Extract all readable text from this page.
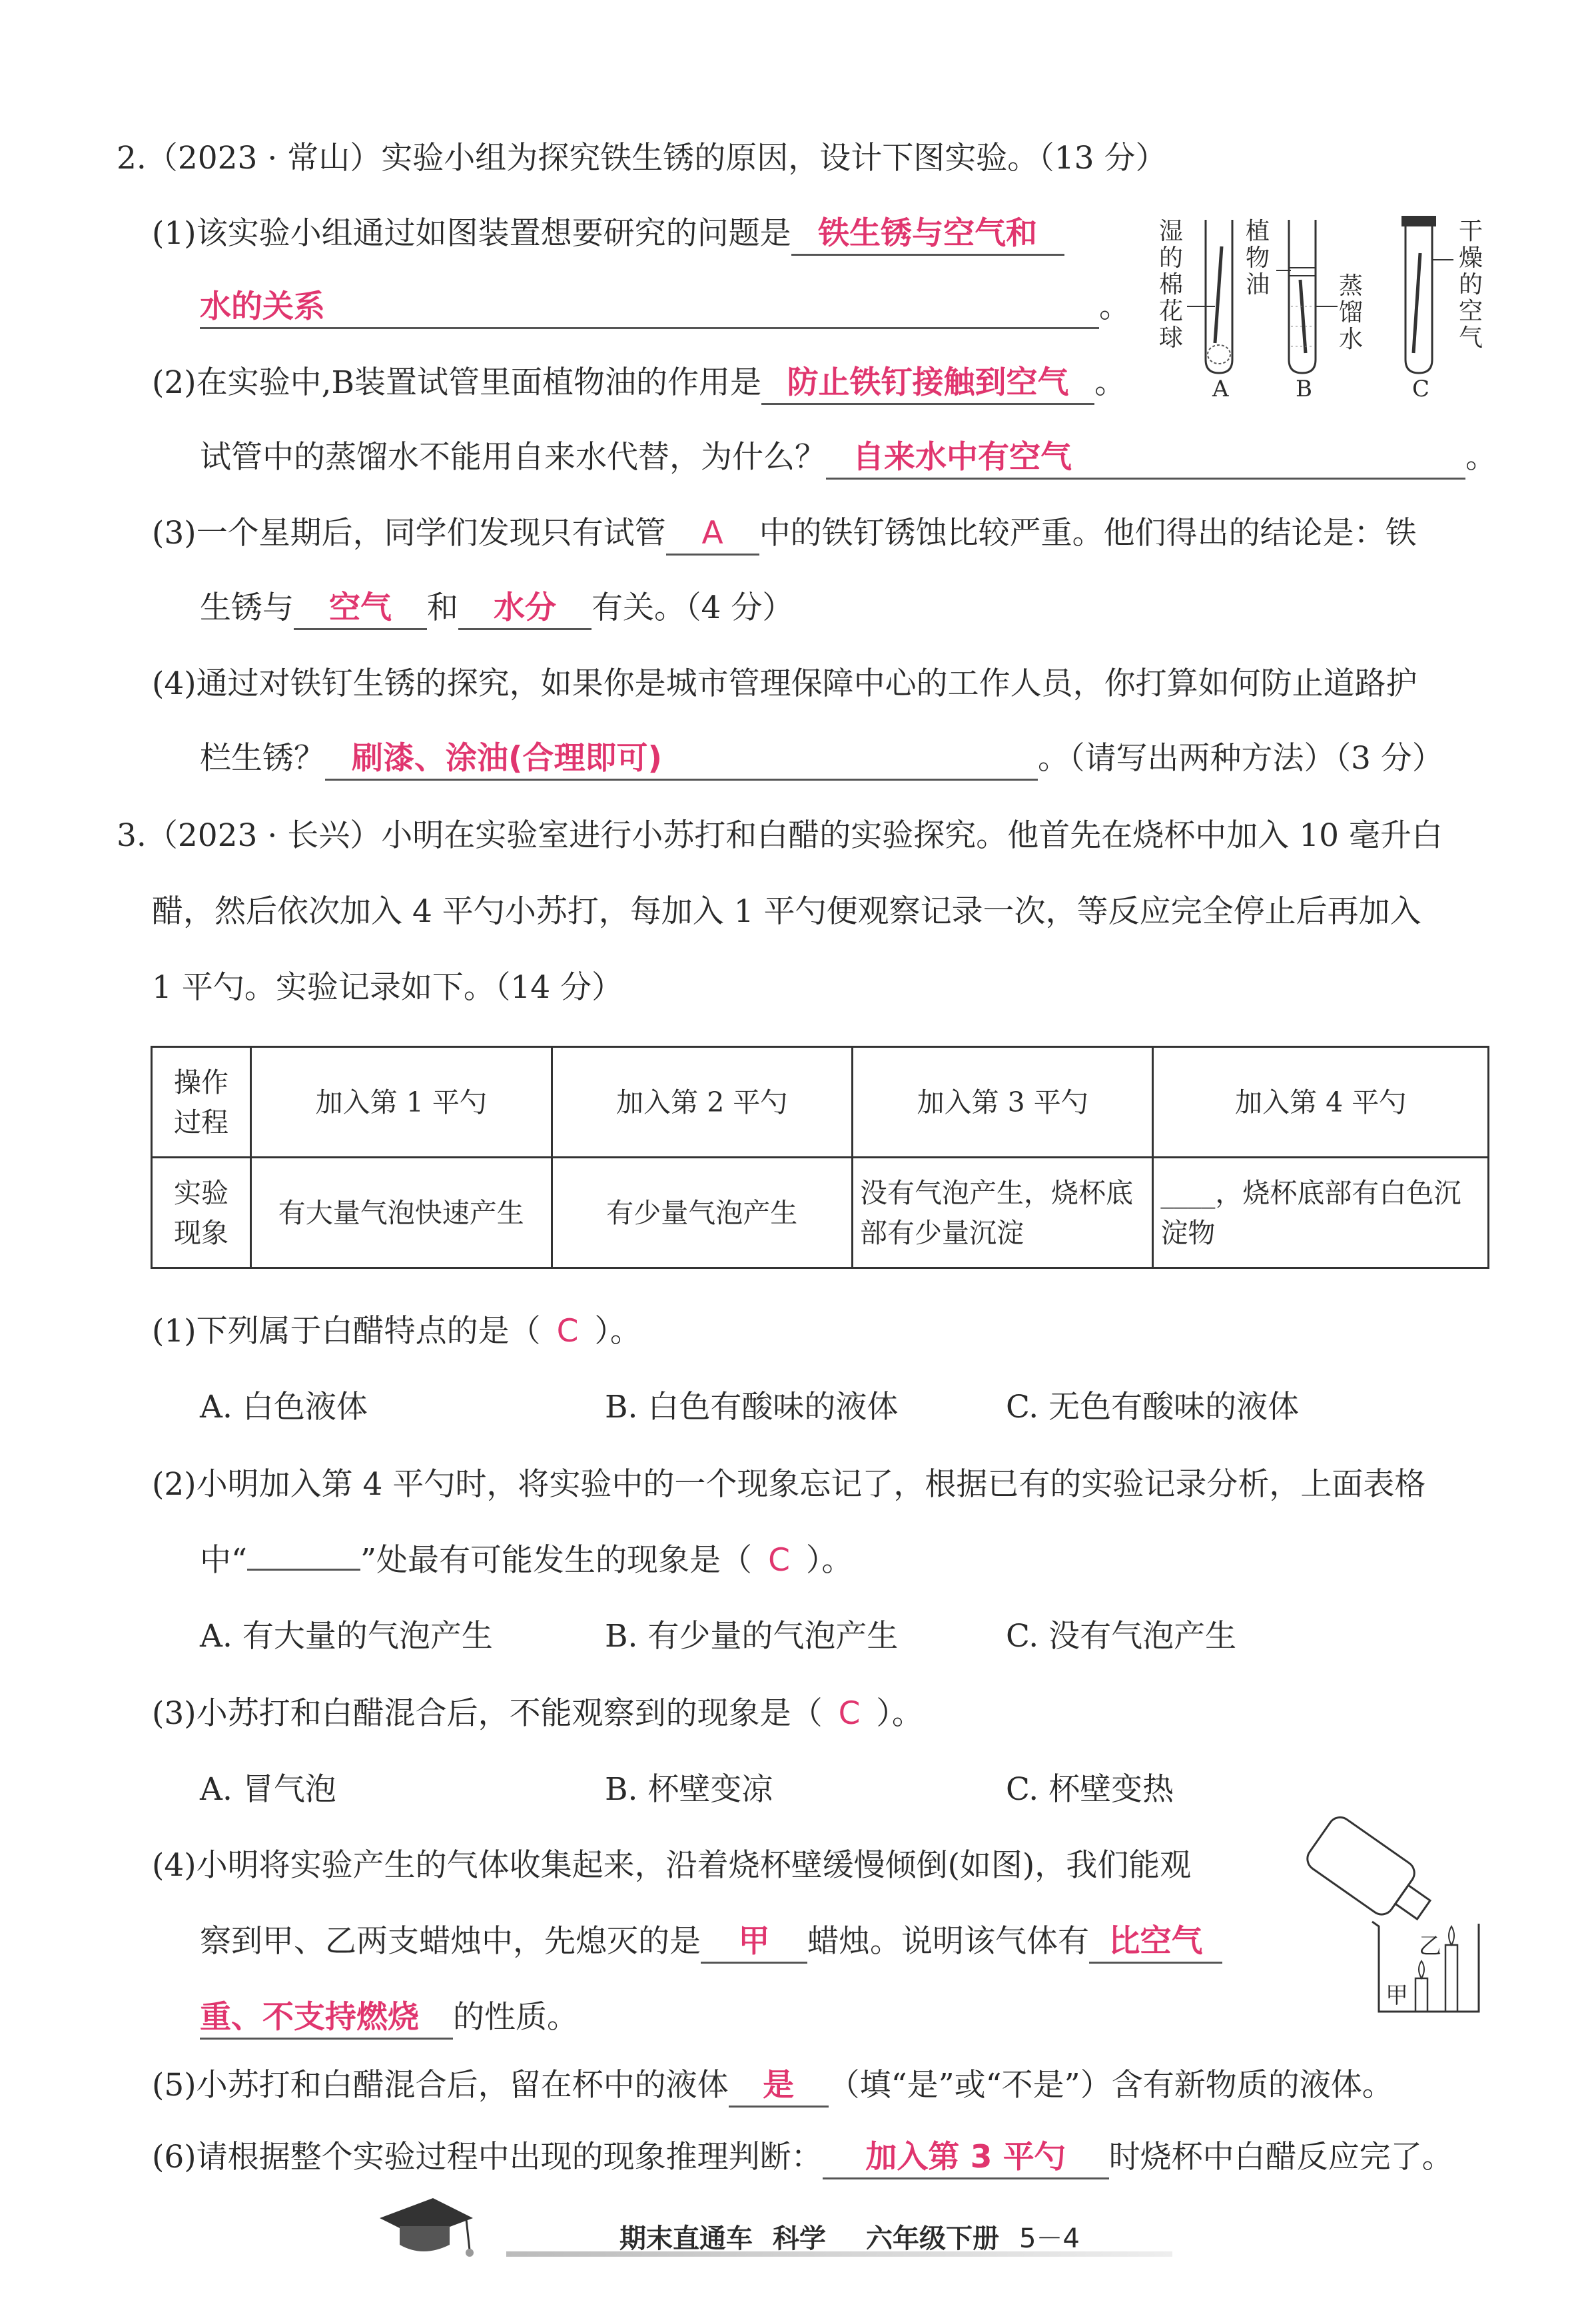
2.（2023 · 常山）实验小组为探究铁生锈的原因，设计下图实验。（13 分）
(1)该实验小组通过如图装置想要研究的问题是 铁生锈与空气和
水的关系	。
(2)在实验中,B装置试管里面植物油的作用是 防止铁钉接触到空气 。
试管中的蒸馏水不能用自来水代替，为什么？ 自来水中有空气	。
(3)一个星期后，同学们发现只有试管 A 中的铁钉锈蚀比较严重。他们得出的结论是：铁
生锈与 空气 和 水分 有关。（4 分）
(4)通过对铁钉生锈的探究，如果你是城市管理保障中心的工作人员，你打算如何防止道路护
栏生锈？ 刷漆、涂油(合理即可)	。（请写出两种方法）（3 分）
湿的棉花球
植物油	蒸馏水
干燥的空气
A	B	C
3.（2023 · 长兴）小明在实验室进行小苏打和白醋的实验探究。他首先在烧杯中加入 10 毫升白
醋，然后依次加入 4 平勺小苏打，每加入 1 平勺便观察记录一次，等反应完全停止后再加入
1 平勺。实验记录如下。（14 分）
操作过程	加入第 1 平勺	加入第 2 平勺	加入第 3 平勺	加入第 4 平勺
实验现象	有大量气泡快速产生	有少量气泡产生	没有气泡产生，烧杯底部有少量沉淀	____，烧杯底部有白色沉淀物
(1)下列属于白醋特点的是（ C ）。
A. 白色液体	B. 白色有酸味的液体	C. 无色有酸味的液体
(2)小明加入第 4 平勺时，将实验中的一个现象忘记了，根据已有的实验记录分析，上面表格
中“	”处最有可能发生的现象是（ C ）。
A. 有大量的气泡产生	B. 有少量的气泡产生	C. 没有气泡产生
(3)小苏打和白醋混合后，不能观察到的现象是（ C ）。
A. 冒气泡	B. 杯壁变凉	C. 杯壁变热
(4)小明将实验产生的气体收集起来，沿着烧杯壁缓慢倾倒(如图)，我们能观
察到甲、乙两支蜡烛中，先熄灭的是 甲 蜡烛。说明该气体有 比空气
重、不支持燃烧 的性质。
甲
乙
(5)小苏打和白醋混合后，留在杯中的液体 是 （填“是”或“不是”）含有新物质的液体。
(6)请根据整个实验过程中出现的现象推理判断： 加入第 3 平勺 时烧杯中白醋反应完了。
期末直通车 科学 六年级下册 5－4
